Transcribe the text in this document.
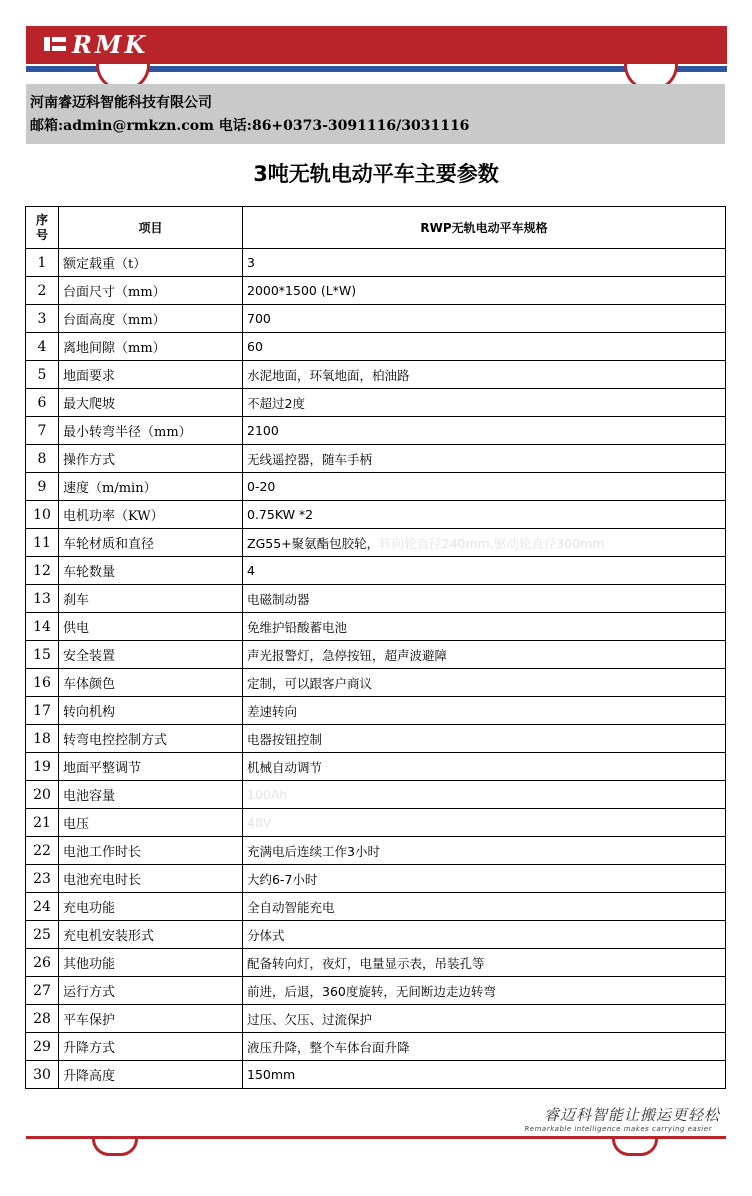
RMK
河南睿迈科智能科技有限公司
邮箱:admin@rmkzn.com 电话:86+0373-3091116/3031116
3吨无轨电动平车主要参数
序
号	项目	RWP无轨电动平车规格
1	额定载重（t）	3
2	台面尺寸（mm）	2000*1500 (L*W)
3	台面高度（mm）	700
4	离地间隙（mm）	60
5	地面要求	水泥地面，环氧地面，柏油路
6	最大爬坡	不超过2度
7	最小转弯半径（mm）	2100
8	操作方式	无线遥控器，随车手柄
9	速度（m/min）	0-20
10	电机功率（KW）	0.75KW *2
11	车轮材质和直径	ZG55+聚氨酯包胶轮，转向轮直径240mm,驱动轮直径300mm
12	车轮数量	4
13	刹车	电磁制动器
14	供电	免维护铅酸蓄电池
15	安全装置	声光报警灯，急停按钮，超声波避障
16	车体颜色	定制，可以跟客户商议
17	转向机构	差速转向
18	转弯电控控制方式	电器按钮控制
19	地面平整调节	机械自动调节
20	电池容量	100Ah
21	电压	48V
22	电池工作时长	充满电后连续工作3小时
23	电池充电时长	大约6-7小时
24	充电功能	全自动智能充电
25	充电机安装形式	分体式
26	其他功能	配备转向灯，夜灯，电量显示表，吊装孔等
27	运行方式	前进，后退，360度旋转，无间断边走边转弯
28	平车保护	过压、欠压、过流保护
29	升降方式	液压升降，整个车体台面升降
30	升降高度	150mm
睿迈科智能让搬运更轻松
Remarkable intelligence makes carrying easier
